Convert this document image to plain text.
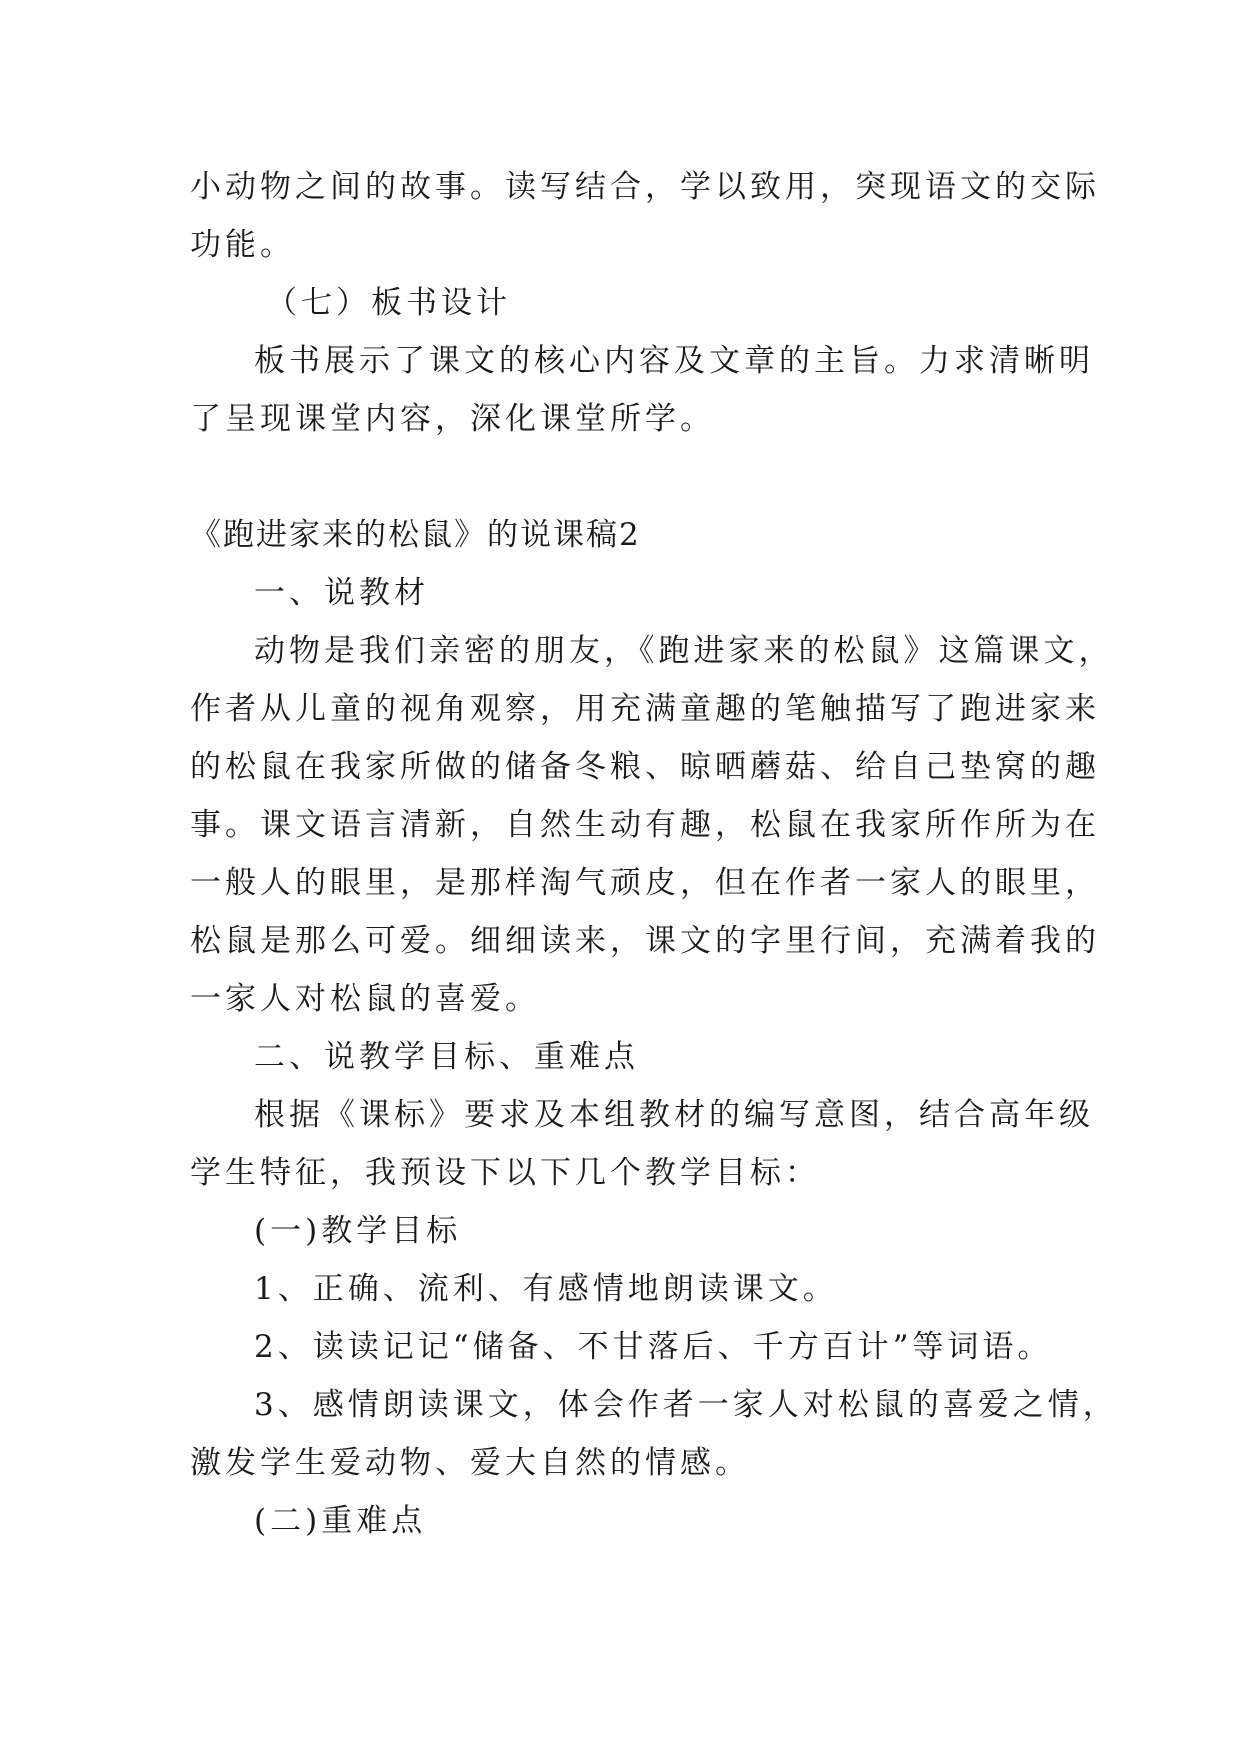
小动物之间的故事。读写结合，学以致用，突现语文的交际
功能。
（七）板书设计
板书展示了课文的核心内容及文章的主旨。力求清晰明
了呈现课堂内容，深化课堂所学。
《跑进家来的松鼠》的说课稿2
一、说教材
动物是我们亲密的朋友，《跑进家来的松鼠》这篇课文，
作者从儿童的视角观察，用充满童趣的笔触描写了跑进家来
的松鼠在我家所做的储备冬粮、晾晒蘑菇、给自己垫窝的趣
事。课文语言清新，自然生动有趣，松鼠在我家所作所为在
一般人的眼里，是那样淘气顽皮，但在作者一家人的眼里，
松鼠是那么可爱。细细读来，课文的字里行间，充满着我的
一家人对松鼠的喜爱。
二、说教学目标、重难点
根据《课标》要求及本组教材的编写意图，结合高年级
学生特征，我预设下以下几个教学目标：
(一)教学目标
1、正确、流利、有感情地朗读课文。
2、读读记记“储备、不甘落后、千方百计”等词语。
3、感情朗读课文，体会作者一家人对松鼠的喜爱之情，
激发学生爱动物、爱大自然的情感。
(二)重难点
